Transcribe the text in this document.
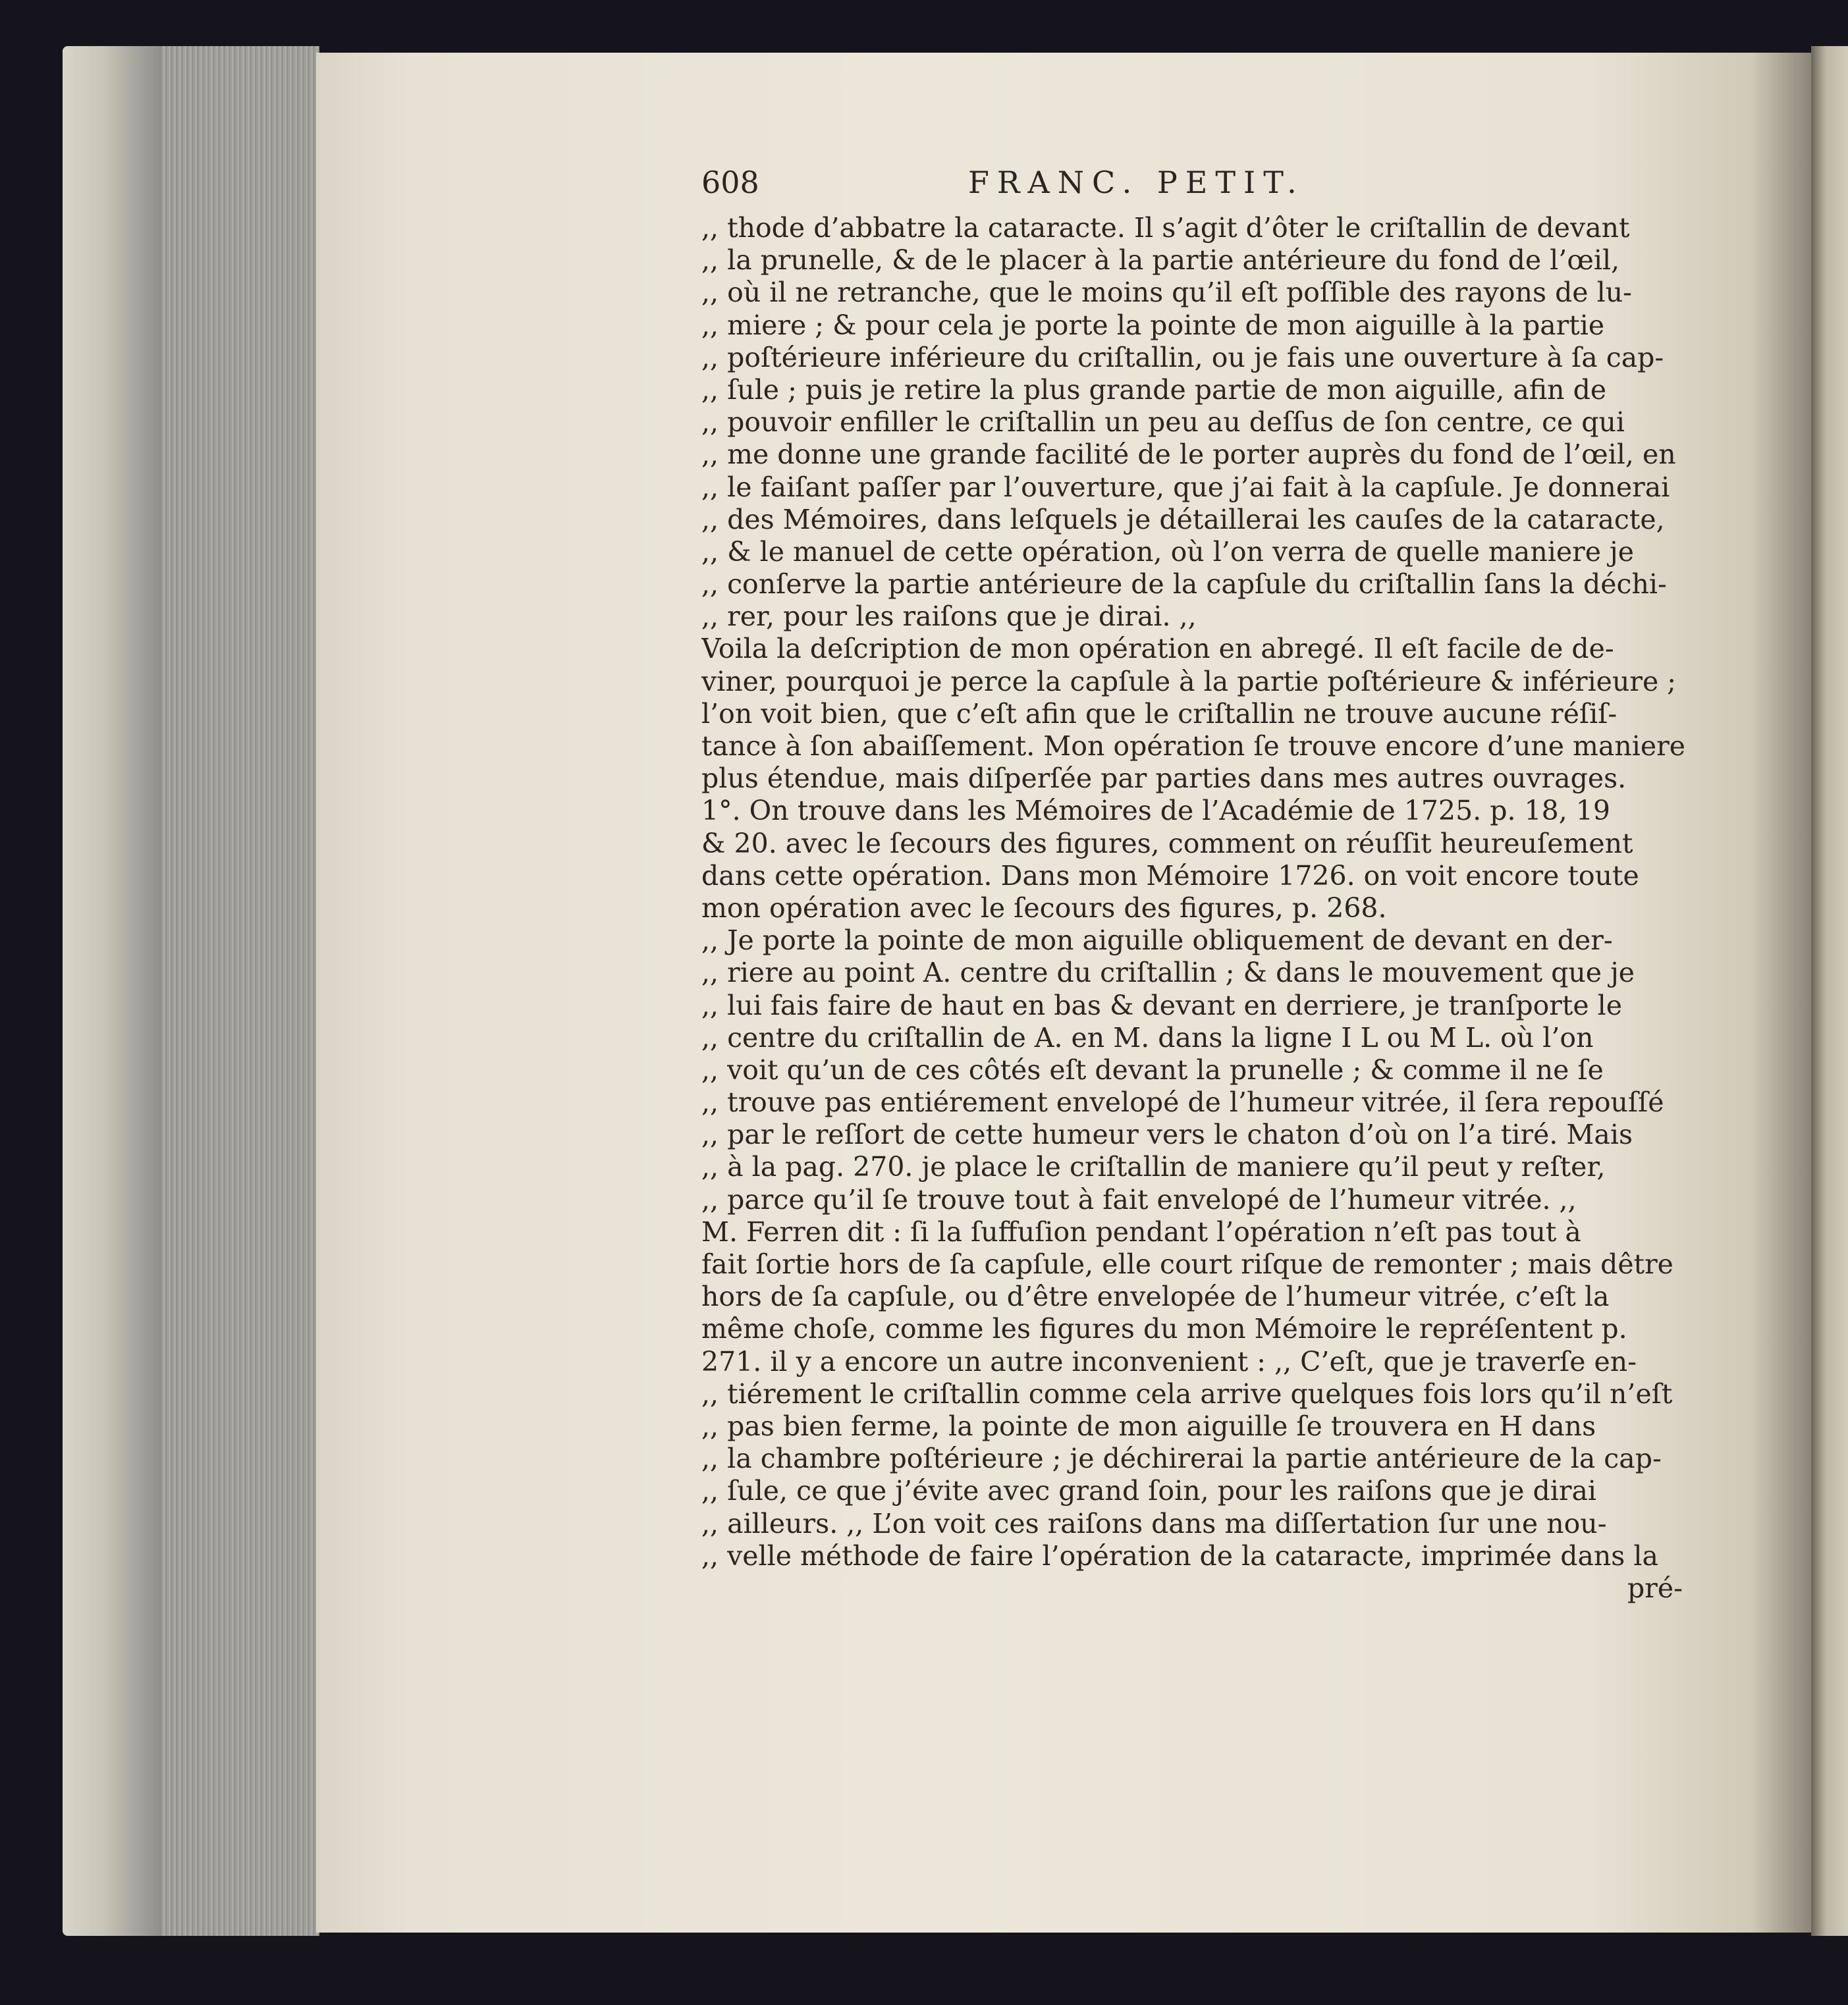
608	FRANC. PETIT.
,, thode d’abbatre la cataracte. Il s’agit d’ôter le criſtallin de devant
,, la prunelle, & de le placer à la partie antérieure du fond de l’œil,
,, où il ne retranche, que le moins qu’il eſt poſſible des rayons de lu-
,, miere ; & pour cela je porte la pointe de mon aiguille à la partie
,, poſtérieure inférieure du criſtallin, ou je fais une ouverture à ſa cap-
,, ſule ; puis je retire la plus grande partie de mon aiguille, afin de
,, pouvoir enfiller le criſtallin un peu au deſſus de ſon centre, ce qui
,, me donne une grande facilité de le porter auprès du fond de l’œil, en
,, le faiſant paſſer par l’ouverture, que j’ai fait à la capſule. Je donnerai
,, des Mémoires, dans leſquels je détaillerai les cauſes de la cataracte,
,, & le manuel de cette opération, où l’on verra de quelle maniere je
,, conſerve la partie antérieure de la capſule du criſtallin ſans la déchi-
,, rer, pour les raiſons que je dirai. ,,
Voila la deſcription de mon opération en abregé. Il eſt facile de de-
viner, pourquoi je perce la capſule à la partie poſtérieure & inférieure ;
l’on voit bien, que c’eſt afin que le criſtallin ne trouve aucune réſiſ-
tance à ſon abaiſſement. Mon opération ſe trouve encore d’une maniere
plus étendue, mais diſperſée par parties dans mes autres ouvrages.
1°. On trouve dans les Mémoires de l’Académie de 1725. p. 18, 19
& 20. avec le ſecours des figures, comment on réuſſit heureuſement
dans cette opération. Dans mon Mémoire 1726. on voit encore toute
mon opération avec le ſecours des figures, p. 268.
,, Je porte la pointe de mon aiguille obliquement de devant en der-
,, riere au point A. centre du criſtallin ; & dans le mouvement que je
,, lui fais faire de haut en bas & devant en derriere, je tranſporte le
,, centre du criſtallin de A. en M. dans la ligne I L ou M L. où l’on
,, voit qu’un de ces côtés eſt devant la prunelle ; & comme il ne ſe
,, trouve pas entiérement envelopé de l’humeur vitrée, il ſera repouſſé
,, par le reſſort de cette humeur vers le chaton d’où on l’a tiré. Mais
,, à la pag. 270. je place le criſtallin de maniere qu’il peut y reſter,
,, parce qu’il ſe trouve tout à fait envelopé de l’humeur vitrée. ,,
M. Ferren dit : ſi la ſuffuſion pendant l’opération n’eſt pas tout à
fait ſortie hors de ſa capſule, elle court riſque de remonter ; mais dêtre
hors de ſa capſule, ou d’être envelopée de l’humeur vitrée, c’eſt la
même choſe, comme les figures du mon Mémoire le repréſentent p.
271. il y a encore un autre inconvenient : ,, C’eſt, que je traverſe en-
,, tiérement le criſtallin comme cela arrive quelques fois lors qu’il n’eſt
,, pas bien ferme, la pointe de mon aiguille ſe trouvera en H dans
,, la chambre poſtérieure ; je déchirerai la partie antérieure de la cap-
,, ſule, ce que j’évite avec grand ſoin, pour les raiſons que je dirai
,, ailleurs. ,, L’on voit ces raiſons dans ma diſſertation ſur une nou-
,, velle méthode de faire l’opération de la cataracte, imprimée dans la
pré-
